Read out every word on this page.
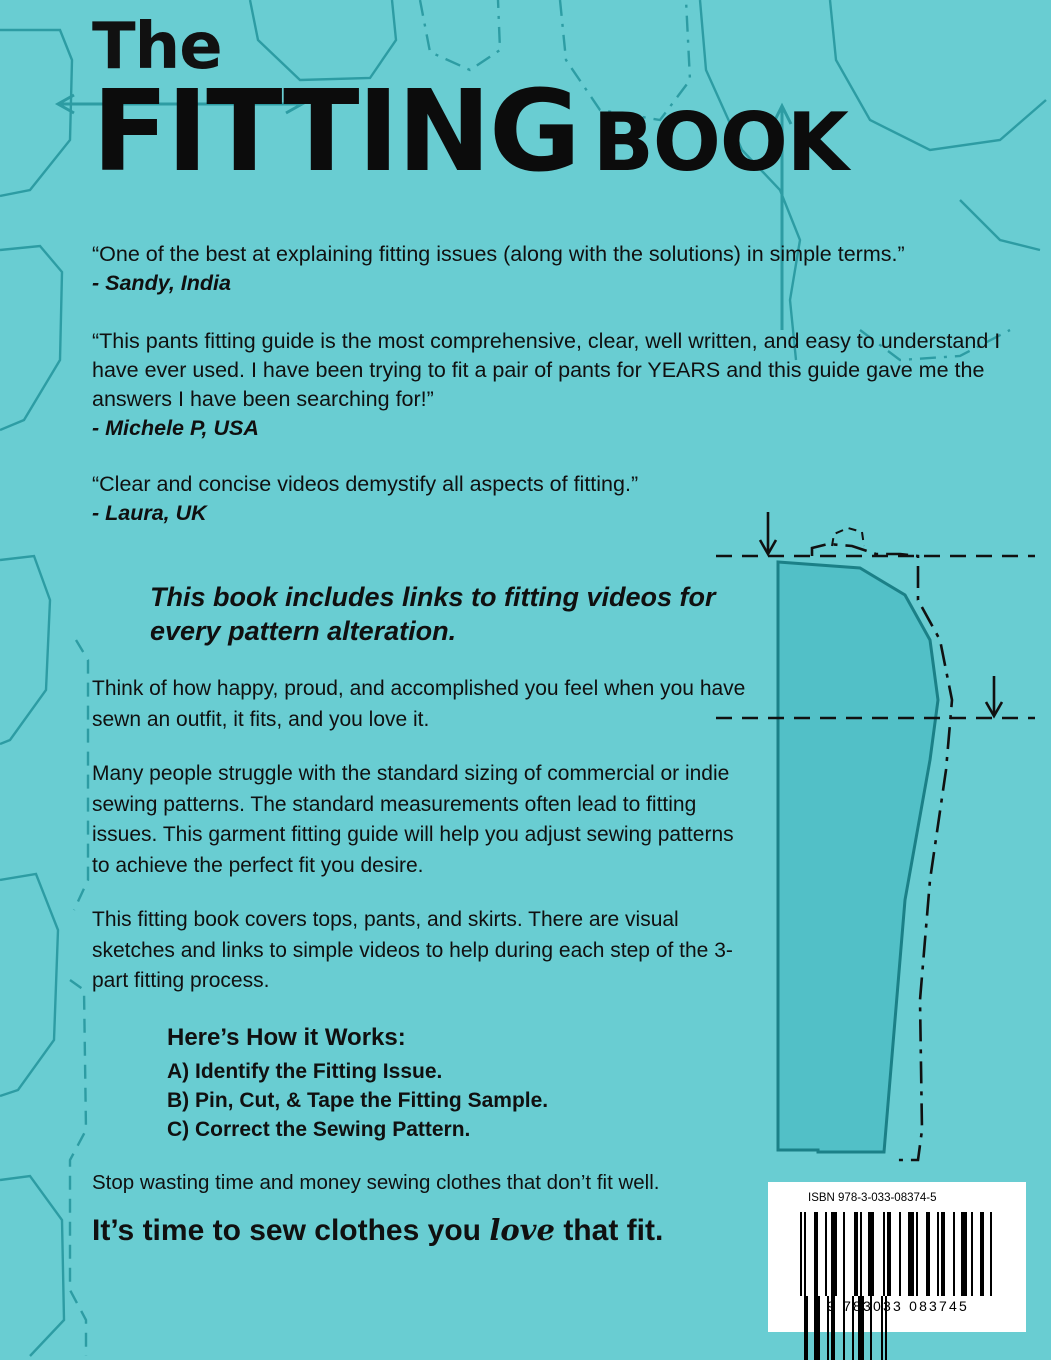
The
FITTING BOOK
“One of the best at explaining fitting issues (along with the solutions) in simple terms.”
- Sandy, India
“This pants fitting guide is the most comprehensive, clear, well written, and easy to understand I have ever used. I have been trying to fit a pair of pants for YEARS and this guide gave me the answers I have been searching for!”
- Michele P, USA
“Clear and concise videos demystify all aspects of fitting.”
- Laura, UK
This book includes links to fitting videos for every pattern alteration.
Think of how happy, proud, and accomplished you feel when you have sewn an outfit, it fits, and you love it.
Many people struggle with the standard sizing of commercial or indie sewing patterns. The standard measurements often lead to fitting issues. This garment fitting guide will help you adjust sewing patterns to achieve the perfect fit you desire.
This fitting book covers tops, pants, and skirts. There are visual sketches and links to simple videos to help during each step of the 3-part fitting process.
Here’s How it Works:
A) Identify the Fitting Issue.
B) Pin, Cut, & Tape the Fitting Sample.
C) Correct the Sewing Pattern.
Stop wasting time and money sewing clothes that don’t fit well.
It’s time to sew clothes you love that fit.
ISBN 978-3-033-08374-5

9 783033 083745
